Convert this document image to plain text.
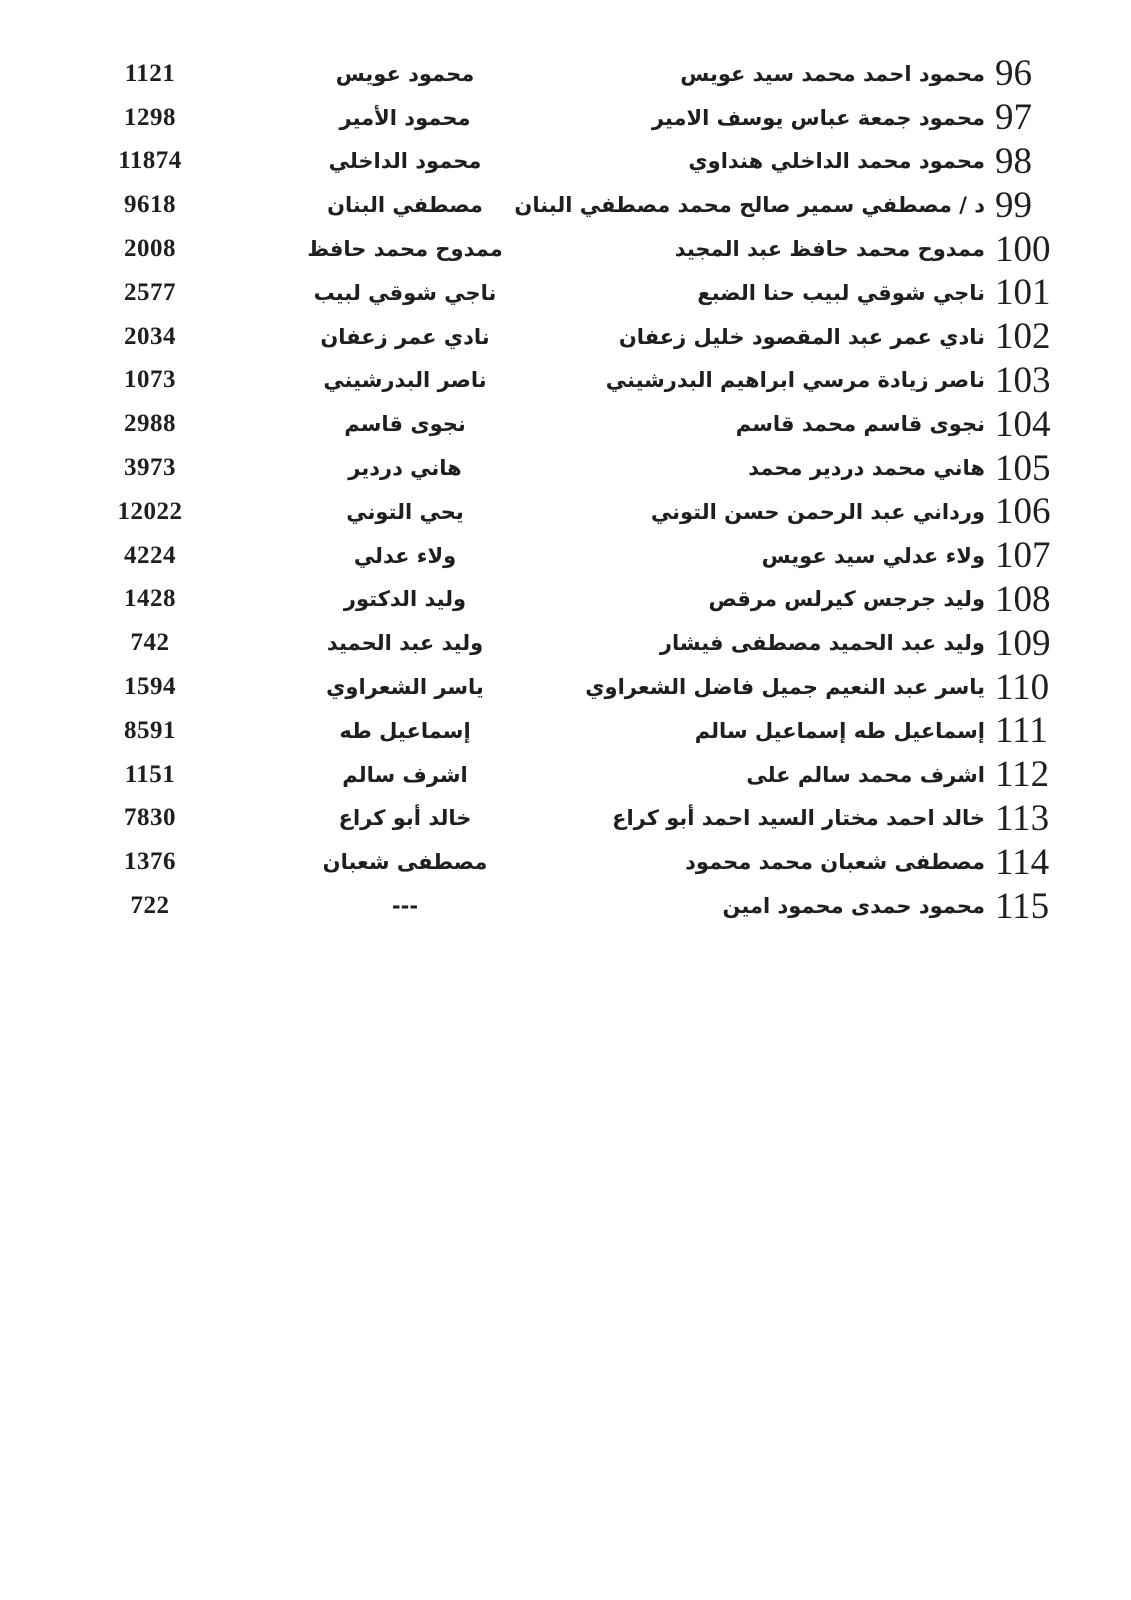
1121	محمود عويس	محمود احمد محمد سيد عويس 96
1298	محمود الأمير	محمود جمعة عباس يوسف الامير 97
11874	محمود الداخلي	محمود محمد الداخلي هنداوي 98
9618	مصطفي البنان	د / مصطفي سمير صالح محمد مصطفي البنان 99
2008	ممدوح محمد حافظ	ممدوح محمد حافظ عبد المجيد 100
2577	ناجي شوقي لبيب	ناجي شوقي لبيب حنا الضبع 101
2034	نادي عمر زعفان	نادي عمر عبد المقصود خليل زعفان 102
1073	ناصر البدرشيني	ناصر زيادة مرسي ابراهيم البدرشيني 103
2988	نجوى قاسم	نجوى قاسم محمد قاسم 104
3973	هاني دردير	هاني محمد دردير محمد 105
12022	يحي التوني	ورداني عبد الرحمن حسن التوني 106
4224	ولاء عدلي	ولاء عدلي سيد عويس 107
1428	وليد الدكتور	وليد جرجس كيرلس مرقص 108
742	وليد عبد الحميد	وليد عبد الحميد مصطفى فيشار 109
1594	ياسر الشعراوي	ياسر عبد النعيم جميل فاضل الشعراوي 110
8591	إسماعيل طه	إسماعيل طه إسماعيل سالم 111
1151	اشرف سالم	اشرف محمد سالم على 112
7830	خالد أبو كراع	خالد احمد مختار السيد احمد أبو كراع 113
1376	مصطفى شعبان	مصطفى شعبان محمد محمود 114
722	---	محمود حمدى محمود امين 115
